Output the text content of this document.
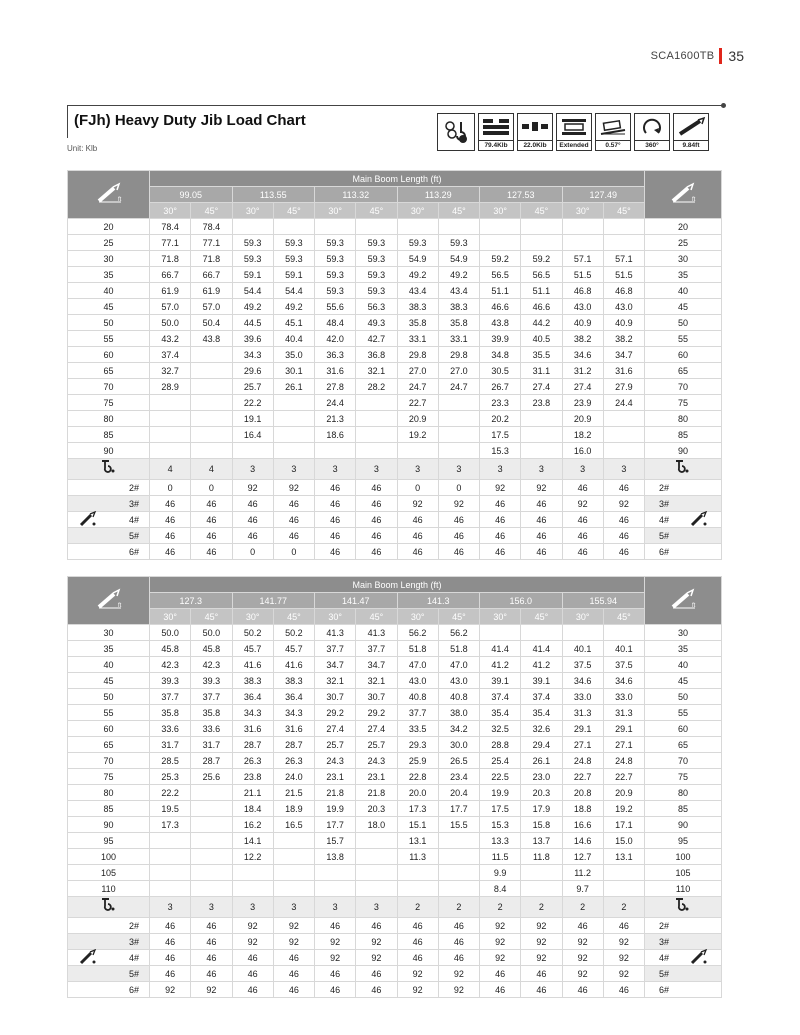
SCA1600TB 35
(FJh) Heavy Duty Jib Load Chart
Unit: Klb	79.4Klb	22.0Klb	Extended	0.57°	360°	9.84ft
ft	Main Boom Length (ft)												ft

	99.05		113.55		113.32		113.29		127.53		127.49		
	30°	45°	30°	45°	30°	45°	30°	45°	30°	45°	30°	45°	
20	78.4	78.4											20
25	77.1	77.1	59.3	59.3	59.3	59.3	59.3	59.3					25
30	71.8	71.8	59.3	59.3	59.3	59.3	54.9	54.9	59.2	59.2	57.1	57.1	30
35	66.7	66.7	59.1	59.1	59.3	59.3	49.2	49.2	56.5	56.5	51.5	51.5	35
40	61.9	61.9	54.4	54.4	59.3	59.3	43.4	43.4	51.1	51.1	46.8	46.8	40
45	57.0	57.0	49.2	49.2	55.6	56.3	38.3	38.3	46.6	46.6	43.0	43.0	45
50	50.0	50.4	44.5	45.1	48.4	49.3	35.8	35.8	43.8	44.2	40.9	40.9	50
55	43.2	43.8	39.6	40.4	42.0	42.7	33.1	33.1	39.9	40.5	38.2	38.2	55
60	37.4		34.3	35.0	36.3	36.8	29.8	29.8	34.8	35.5	34.6	34.7	60
65	32.7		29.6	30.1	31.6	32.1	27.0	27.0	30.5	31.1	31.2	31.6	65
70	28.9		25.7	26.1	27.8	28.2	24.7	24.7	26.7	27.4	27.4	27.9	70
75			22.2		24.4		22.7		23.3	23.8	23.9	24.4	75
80			19.1		21.3		20.9		20.2		20.9		80
85			16.4		18.6		19.2		17.5		18.2		85
90									15.3		16.0		90
	4	4	3	3	3	3	3	3	3	3	3	3	
2#	0	0	92	92	46	46	0	0	92	92	46	46	2#
3#	46	46	46	46	46	46	92	92	46	46	92	92	3#

4#	46	46	46	46	46	46	46	46	46	46	46	46	4#

5#	46	46	46	46	46	46	46	46	46	46	46	46	5#
6#	46	46	0	0	46	46	46	46	46	46	46	46	6#
ft	Main Boom Length (ft)												ft

	127.3		141.77		141.47		141.3		156.0		155.94		
	30°	45°	30°	45°	30°	45°	30°	45°	30°	45°	30°	45°	
30	50.0	50.0	50.2	50.2	41.3	41.3	56.2	56.2					30
35	45.8	45.8	45.7	45.7	37.7	37.7	51.8	51.8	41.4	41.4	40.1	40.1	35
40	42.3	42.3	41.6	41.6	34.7	34.7	47.0	47.0	41.2	41.2	37.5	37.5	40
45	39.3	39.3	38.3	38.3	32.1	32.1	43.0	43.0	39.1	39.1	34.6	34.6	45
50	37.7	37.7	36.4	36.4	30.7	30.7	40.8	40.8	37.4	37.4	33.0	33.0	50
55	35.8	35.8	34.3	34.3	29.2	29.2	37.7	38.0	35.4	35.4	31.3	31.3	55
60	33.6	33.6	31.6	31.6	27.4	27.4	33.5	34.2	32.5	32.6	29.1	29.1	60
65	31.7	31.7	28.7	28.7	25.7	25.7	29.3	30.0	28.8	29.4	27.1	27.1	65
70	28.5	28.7	26.3	26.3	24.3	24.3	25.9	26.5	25.4	26.1	24.8	24.8	70
75	25.3	25.6	23.8	24.0	23.1	23.1	22.8	23.4	22.5	23.0	22.7	22.7	75
80	22.2		21.1	21.5	21.8	21.8	20.0	20.4	19.9	20.3	20.8	20.9	80
85	19.5		18.4	18.9	19.9	20.3	17.3	17.7	17.5	17.9	18.8	19.2	85
90	17.3		16.2	16.5	17.7	18.0	15.1	15.5	15.3	15.8	16.6	17.1	90
95			14.1		15.7		13.1		13.3	13.7	14.6	15.0	95
100			12.2		13.8		11.3		11.5	11.8	12.7	13.1	100
105									9.9		11.2		105
110									8.4		9.7		110
	3	3	3	3	3	3	2	2	2	2	2	2	
2#	46	46	92	92	46	46	46	46	92	92	46	46	2#
3#	46	46	92	92	92	92	46	46	92	92	92	92	3#

4#	46	46	46	46	92	92	46	46	92	92	92	92	4#

5#	46	46	46	46	46	46	92	92	46	46	92	92	5#
6#	92	92	46	46	46	46	92	92	46	46	46	46	6#
